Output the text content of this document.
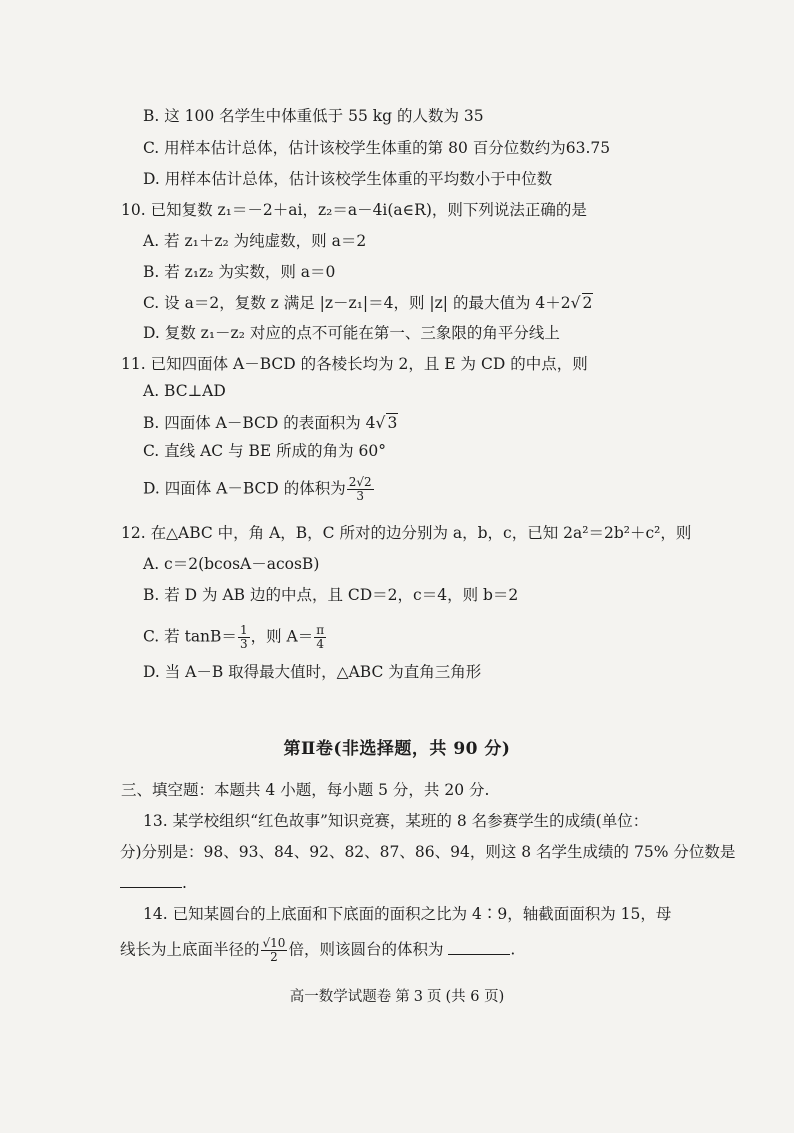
B. 这 100 名学生中体重低于 55 kg 的人数为 35
C. 用样本估计总体，估计该校学生体重的第 80 百分位数约为63.75
D. 用样本估计总体，估计该校学生体重的平均数小于中位数
10. 已知复数 z₁＝－2＋ai，z₂＝a－4i(a∈R)，则下列说法正确的是
A. 若 z₁＋z₂ 为纯虚数，则 a＝2
B. 若 z₁z₂ 为实数，则 a＝0
C. 设 a＝2，复数 z 满足 |z－z₁|＝4，则 |z| 的最大值为 4＋2√ 2
D. 复数 z₁－z₂ 对应的点不可能在第一、三象限的角平分线上
11. 已知四面体 A－BCD 的各棱长均为 2，且 E 为 CD 的中点，则
A. BC⊥AD
B. 四面体 A－BCD 的表面积为 4√ 3
C. 直线 AC 与 BE 所成的角为 60°
D. 四面体 A－BCD 的体积为 $\frac{2√2}{3}$
12. 在△ABC 中，角 A，B，C 所对的边分别为 a，b，c，已知 2a²＝2b²＋c²，则
A. c＝2(bcosA－acosB)
B. 若 D 为 AB 边的中点，且 CD＝2，c＝4，则 b＝2
C. 若 $\tan B= \frac{1}{3}$ ，则 $A= \frac{\pi}{4}$
D. 当 A－B 取得最大值时，△ABC 为直角三角形
第Ⅱ卷(非选择题，共 90 分)
三、填空题：本题共 4 小题，每小题 5 分，共 20 分.
13. 某学校组织“红色故事”知识竞赛，某班的 8 名参赛学生的成绩(单位：
分)分别是：98、93、84、92、82、87、86、94，则这 8 名学生成绩的 75% 分位数是
.
14. 已知某圆台的上底面和下底面的面积之比为 4∶9，轴截面面积为 15，母
线长为上底面半径的 $\frac{√10}{2}$ 倍，则该圆台的体积为	.
高一数学试题卷 第 3 页 (共 6 页)
